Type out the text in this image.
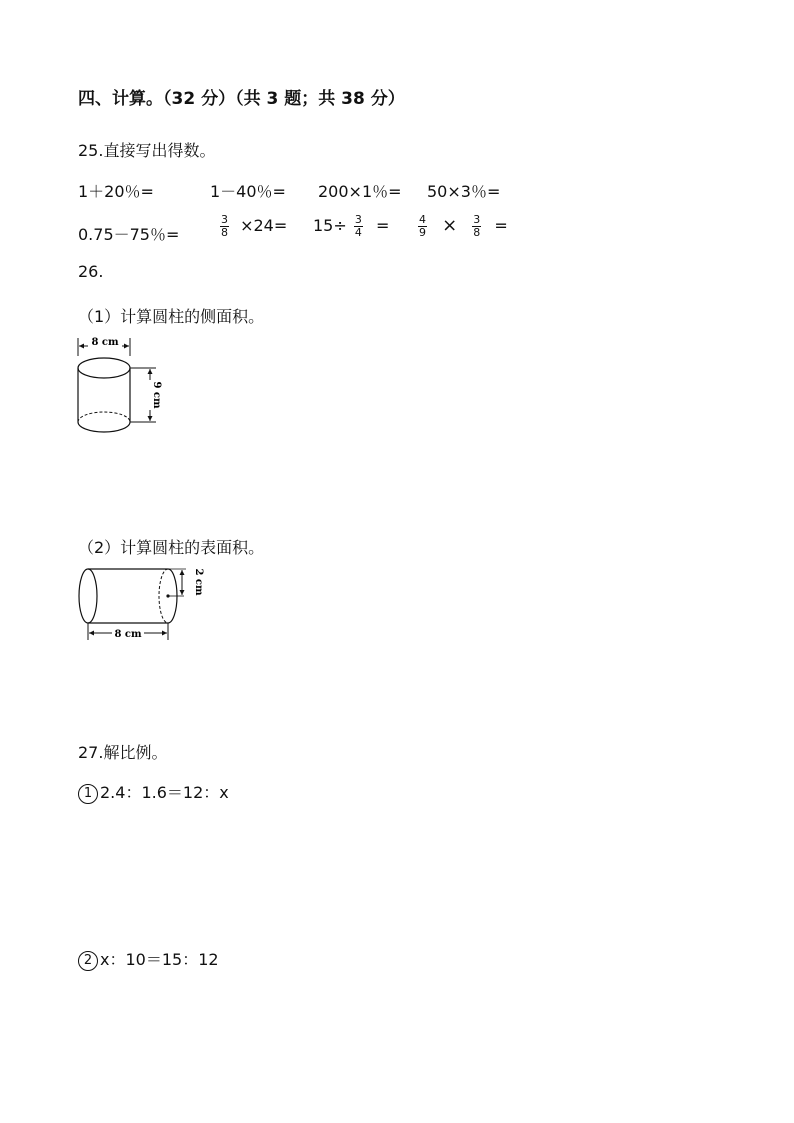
四、计算。（32 分）（共 3 题；共 38 分）
25.直接写出得数。
1＋20％=	1－40％= 200×1％= 50×3％=
0.75－75％=	$\frac{3}{8} \times 24= 15\div \frac{3}{4}$ =	$\frac{4}{9} \times \frac{3}{8}$ =
26.
（1）计算圆柱的侧面积。
8 cm
9 cm
（2）计算圆柱的表面积。
2 cm
8 cm
27.解比例。
1 2.4：1.6＝12：x
2 x：10＝15：12
